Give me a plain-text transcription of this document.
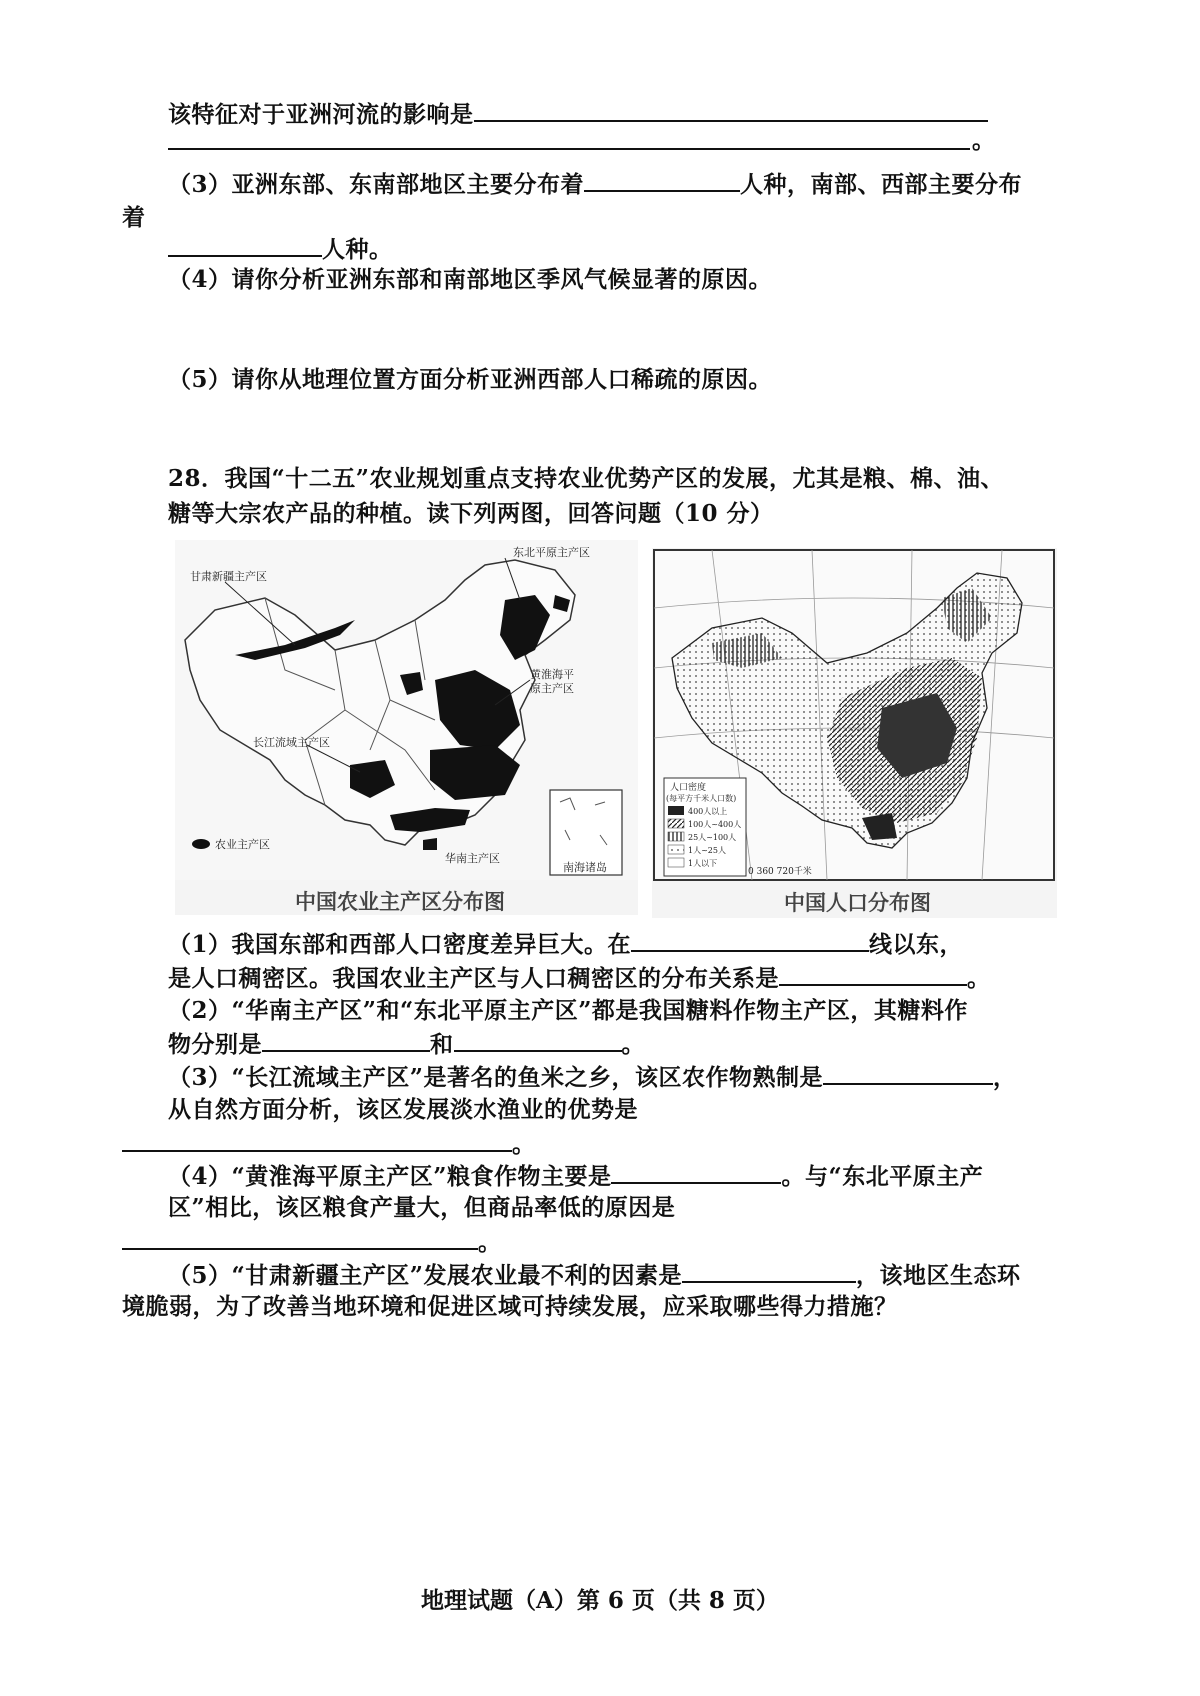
该特征对于亚洲河流的影响是
。
（3）亚洲东部、东南部地区主要分布着	人种，南部、西部主要分布
着
人种。
（4）请你分析亚洲东部和南部地区季风气候显著的原因。
（5）请你从地理位置方面分析亚洲西部人口稀疏的原因。
28．我国“十二五”农业规划重点支持农业优势产区的发展，尤其是粮、棉、油、
糖等大宗农产品的种植。读下列两图，回答问题（10 分）
甘肃新疆主产区
东北平原主产区
黄淮海平
原主产区
长江流域主产区
华南主产区
农业主产区
南海诸岛
中国农业主产区分布图
人口密度
(每平方千米人口数)
400人以上
100人~400人
25人~100人
1人~25人
1人以下
0 360 720千米
中国人口分布图
（1）我国东部和西部人口密度差异巨大。在	线以东，
是人口稠密区。我国农业主产区与人口稠密区的分布关系是	。
（2）“华南主产区”和“东北平原主产区”都是我国糖料作物主产区，其糖料作
物分别是	和	。
（3）“长江流域主产区”是著名的鱼米之乡，该区农作物熟制是	，
从自然方面分析，该区发展淡水渔业的优势是
。
（4）“黄淮海平原主产区”粮食作物主要是	。与“东北平原主产
区”相比，该区粮食产量大，但商品率低的原因是
。
（5）“甘肃新疆主产区”发展农业最不利的因素是	，该地区生态环
境脆弱，为了改善当地环境和促进区域可持续发展，应采取哪些得力措施？
地理试题（A）第 6 页（共 8 页）
